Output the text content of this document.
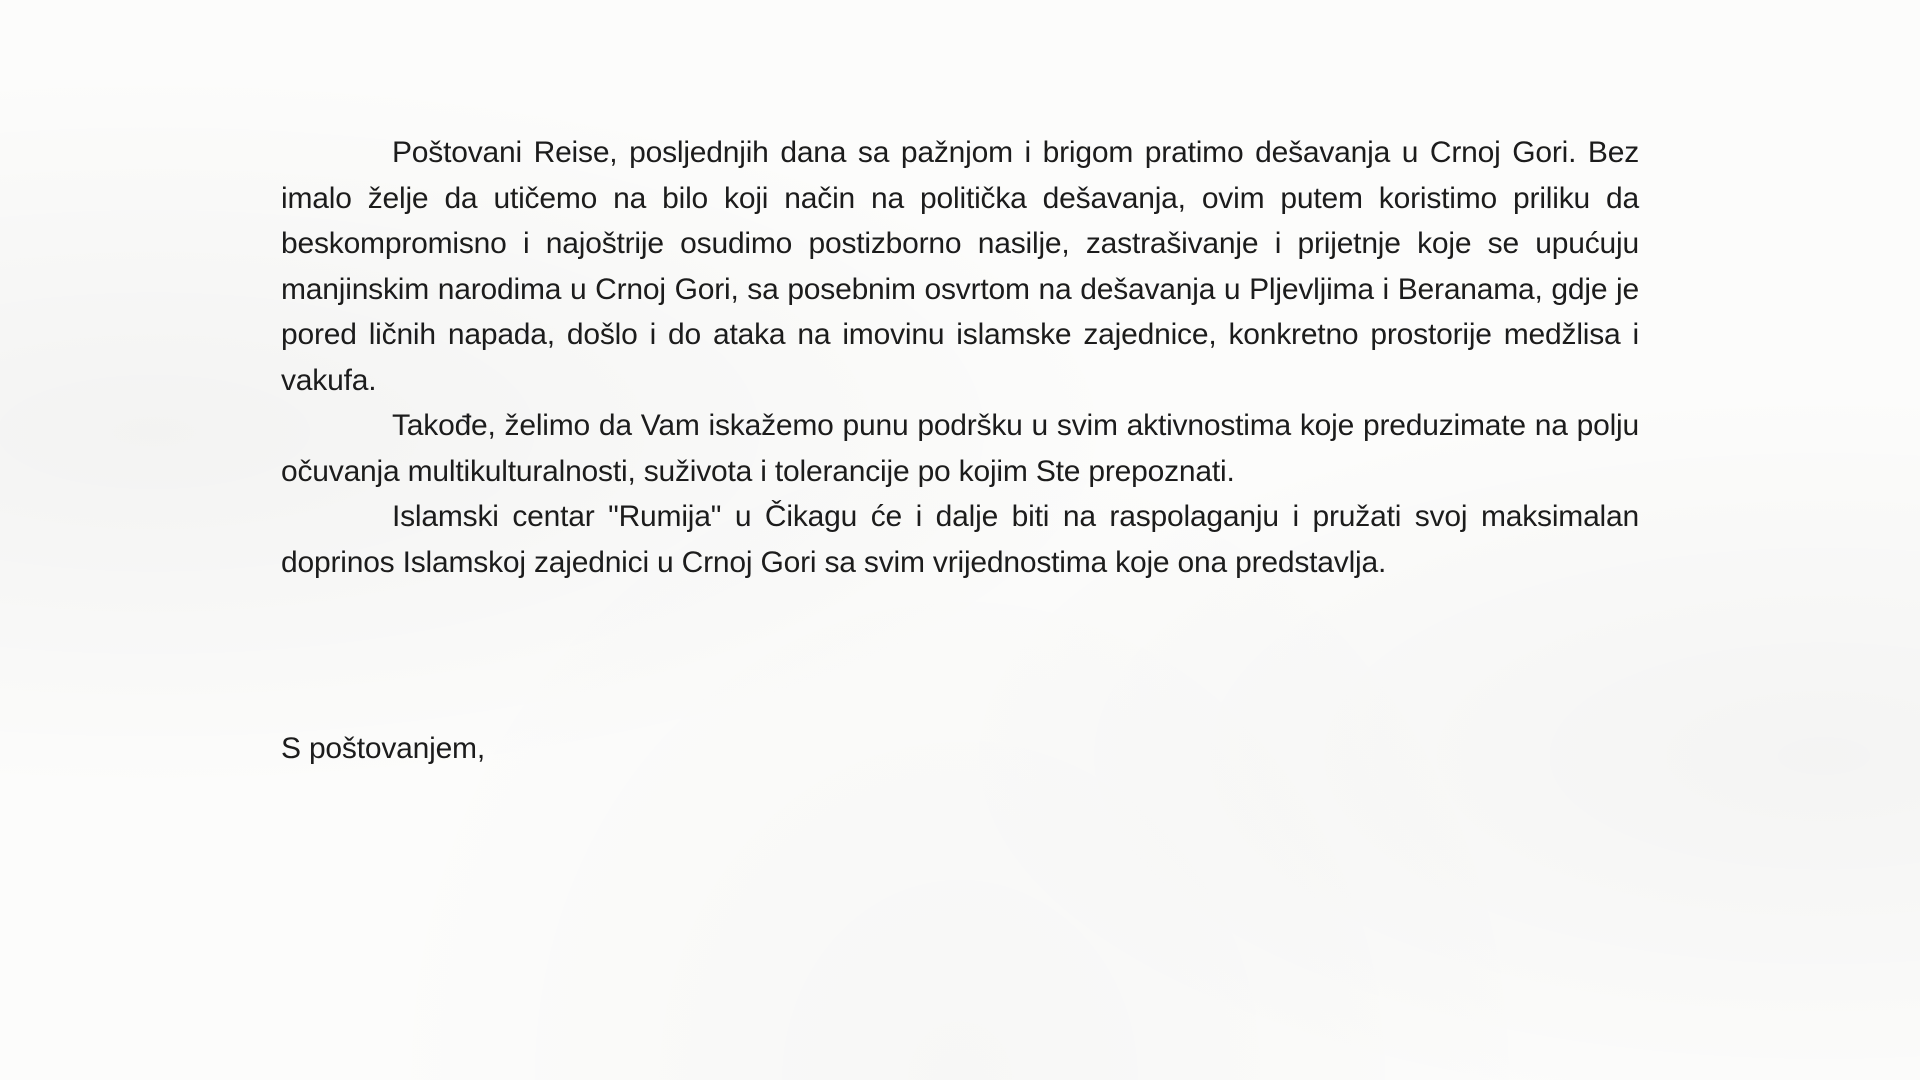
Poštovani Reise, posljednjih dana sa pažnjom i brigom pratimo dešavanja u Crnoj Gori. Bez imalo želje da utičemo na bilo koji način na politička dešavanja, ovim putem koristimo priliku da beskompromisno i najoštrije osudimo postizborno nasilje, zastrašivanje i prijetnje koje se upućuju manjinskim narodima u Crnoj Gori, sa posebnim osvrtom na dešavanja u Pljevljima i Beranama, gdje je pored ličnih napada, došlo i do ataka na imovinu islamske zajednice, konkretno prostorije medžlisa i vakufa.

Takođe, želimo da Vam iskažemo punu podršku u svim aktivnostima koje preduzimate na polju očuvanja multikulturalnosti, suživota i tolerancije po kojim Ste prepoznati.

Islamski centar "Rumija" u Čikagu će i dalje biti na raspolaganju i pružati svoj maksimalan doprinos Islamskoj zajednici u Crnoj Gori sa svim vrijednostima koje ona predstavlja.

S poštovanjem,
